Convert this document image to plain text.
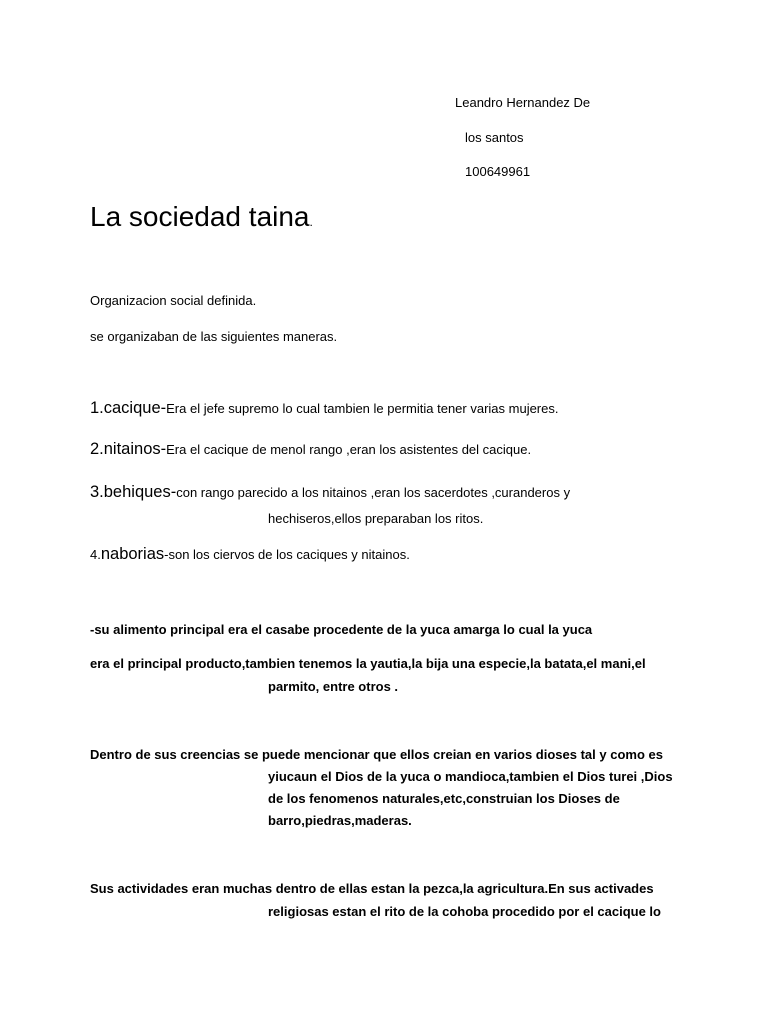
Leandro Hernandez De
los santos
100649961
La sociedad taina.
Organizacion social definida.
se organizaban de las siguientes maneras.
1.cacique-Era el jefe supremo lo cual tambien le permitia tener varias mujeres.
2.nitainos-Era el cacique de menol rango ,eran los asistentes del cacique.
3.behiques-con rango parecido a los nitainos ,eran los sacerdotes ,curanderos y
hechiseros,ellos preparaban los ritos.
4.naborias-son los ciervos de los caciques y nitainos.
-su alimento principal era el casabe procedente de la yuca amarga lo cual la yuca
era el principal producto,tambien tenemos la yautia,la bija una especie,la batata,el mani,el
parmito, entre otros .
Dentro de sus creencias se puede mencionar que ellos creian en varios dioses tal y como es
yiucaun el Dios de la yuca o mandioca,tambien el Dios turei ,Dios
de los fenomenos naturales,etc,construian los Dioses de
barro,piedras,maderas.
Sus actividades eran muchas dentro de ellas estan la pezca,la agricultura.En sus activades
religiosas estan el rito de la cohoba procedido por el cacique lo
